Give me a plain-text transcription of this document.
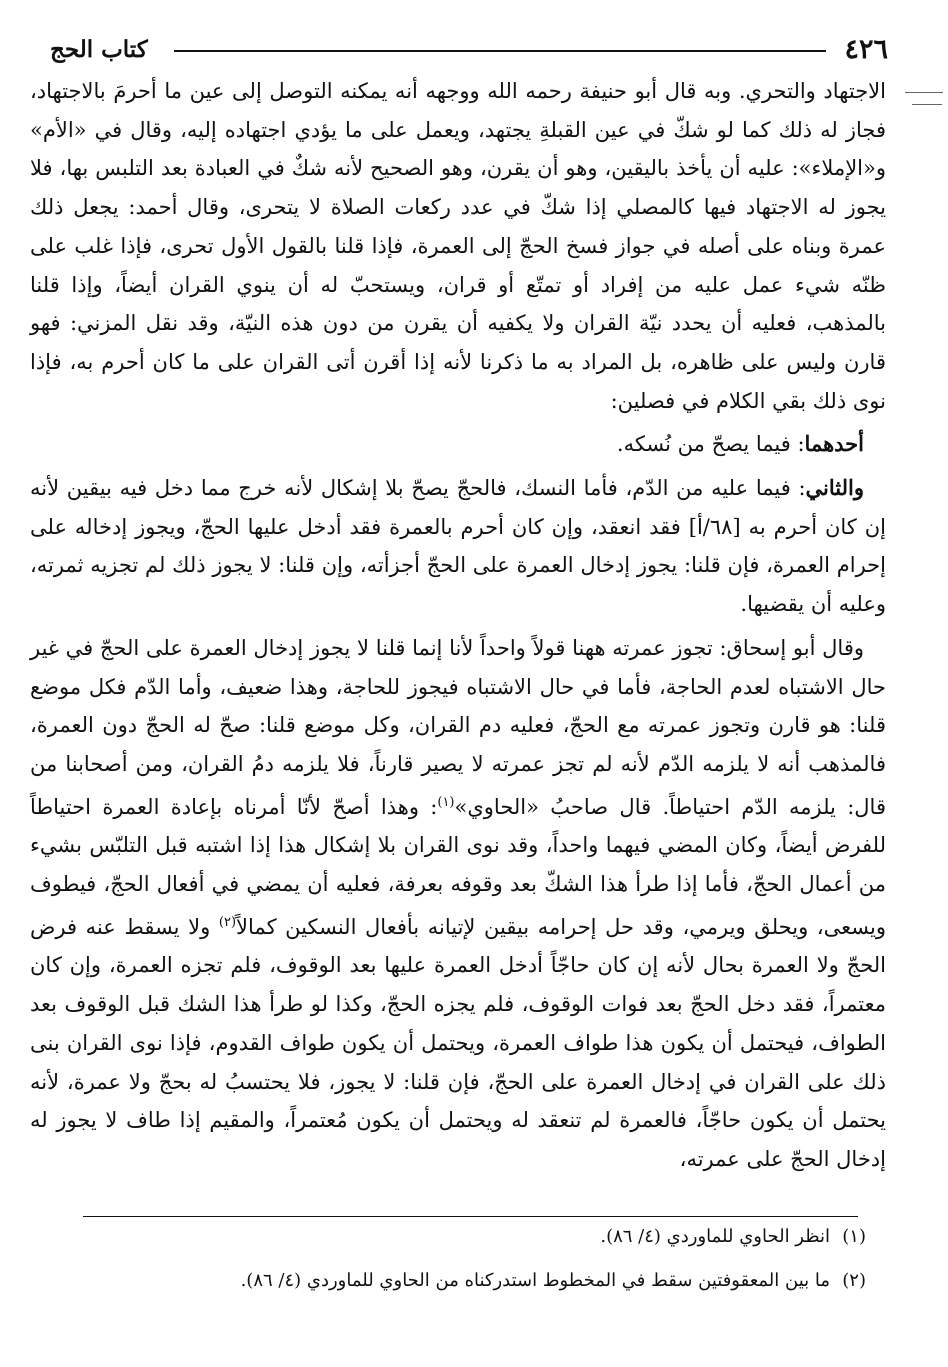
٤٢٦
كتاب الحج

الاجتهاد والتحري. وبه قال أبو حنيفة رحمه الله ووجهه أنه يمكنه التوصل إلى عين ما أحرمَ بالاجتهاد، فجاز له ذلك كما لو شكّ في عين القبلةِ يجتهد، ويعمل على ما يؤدي اجتهاده إليه، وقال في «الأم» و«الإملاء»: عليه أن يأخذ باليقين، وهو أن يقرن، وهو الصحيح لأنه شكٌ في العبادة بعد التلبس بها، فلا يجوز له الاجتهاد فيها كالمصلي إذا شكّ في عدد ركعات الصلاة لا يتحرى، وقال أحمد: يجعل ذلك عمرة وبناه على أصله في جواز فسخ الحجّ إلى العمرة، فإذا قلنا بالقول الأول تحرى، فإذا غلب على ظنّه شيء عمل عليه من إفراد أو تمتّع أو قران، ويستحبّ له أن ينوي القران أيضاً، وإذا قلنا بالمذهب، فعليه أن يحدد نيّة القران ولا يكفيه أن يقرن من دون هذه النيّة، وقد نقل المزني: فهو قارن وليس على ظاهره، بل المراد به ما ذكرنا لأنه إذا أقرن أتى القران على ما كان أحرم به، فإذا نوى ذلك بقي الكلام في فصلين:

أحدهما: فيما يصحّ من نُسكه.

والثاني: فيما عليه من الدّم، فأما النسك، فالحجّ يصحّ بلا إشكال لأنه خرج مما دخل فيه بيقين لأنه إن كان أحرم به [٦٨/أ] فقد انعقد، وإن كان أحرم بالعمرة فقد أدخل عليها الحجّ، ويجوز إدخاله على إحرام العمرة، فإن قلنا: يجوز إدخال العمرة على الحجّ أجزأته، وإن قلنا: لا يجوز ذلك لم تجزيه ثمرته، وعليه أن يقضيها.

وقال أبو إسحاق: تجوز عمرته ههنا قولاً واحداً لأنا إنما قلنا لا يجوز إدخال العمرة على الحجّ في غير حال الاشتباه لعدم الحاجة، فأما في حال الاشتباه فيجوز للحاجة، وهذا ضعيف، وأما الدّم فكل موضع قلنا: هو قارن وتجوز عمرته مع الحجّ، فعليه دم القران، وكل موضع قلنا: صحّ له الحجّ دون العمرة، فالمذهب أنه لا يلزمه الدّم لأنه لم تجز عمرته لا يصير قارناً، فلا يلزمه دمُ القران، ومن أصحابنا من قال: يلزمه الدّم احتياطاً. قال صاحبُ «الحاوي»$^{(١)}$: وهذا أصحّ لأنّا أمرناه بإعادة العمرة احتياطاً للفرض أيضاً، وكان المضي فيهما واحداً، وقد نوى القران بلا إشكال هذا إذا اشتبه قبل التلبّس بشيء من أعمال الحجّ، فأما إذا طرأ هذا الشكّ بعد وقوفه بعرفة، فعليه أن يمضي في أفعال الحجّ، فيطوف ويسعى، ويحلق ويرمي، وقد حل إحرامه بيقين لإتيانه بأفعال النسكين كمالاً$^{(٢)}$ ولا يسقط عنه فرض الحجّ ولا العمرة بحال لأنه إن كان حاجّاً أدخل العمرة عليها بعد الوقوف، فلم تجزه العمرة، وإن كان معتمراً، فقد دخل الحجّ بعد فوات الوقوف، فلم يجزه الحجّ، وكذا لو طرأ هذا الشك قبل الوقوف بعد الطواف، فيحتمل أن يكون هذا طواف العمرة، ويحتمل أن يكون طواف القدوم، فإذا نوى القران بنى ذلك على القران في إدخال العمرة على الحجّ، فإن قلنا: لا يجوز، فلا يحتسبُ له بحجّ ولا عمرة، لأنه يحتمل أن يكون حاجّاً، فالعمرة لم تنعقد له ويحتمل أن يكون مُعتمراً، والمقيم إذا طاف لا يجوز له إدخال الحجّ على عمرته،

(١)انظر الحاوي للماوردي (٤/ ٨٦).

(٢)ما بين المعقوفتين سقط في المخطوط استدركناه من الحاوي للماوردي (٤/ ٨٦).
